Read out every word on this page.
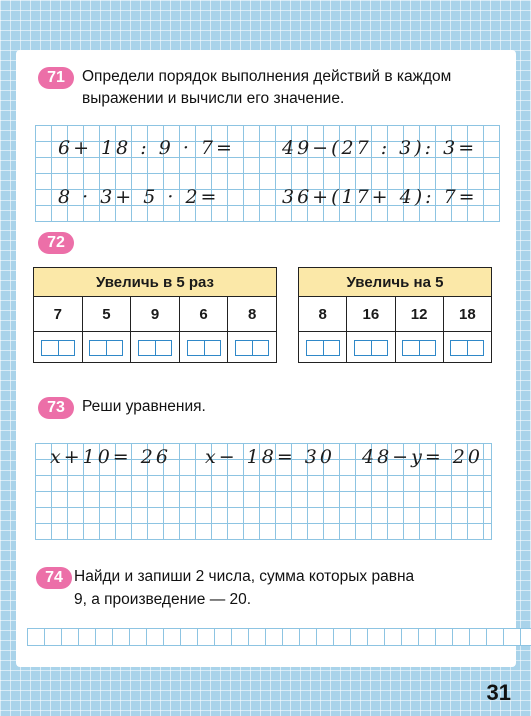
71	Определи порядок выполнения действий в каждом
выражении и вычисли его значение.
6+ 18 : 9 · 7= 49−(27 : 3): 3=
8 · 3+ 5 · 2=	36+(17+ 4): 7=
72
Увеличь в 5 раз				
7	5	9	6	8

Увеличь на 5			
8	16	12	18

73	Реши уравнения.
x+10= 26 x− 18= 30 48−y= 20
74 Найди и запиши 2 числа, сумма которых равна
9, а произведение — 20.
31
